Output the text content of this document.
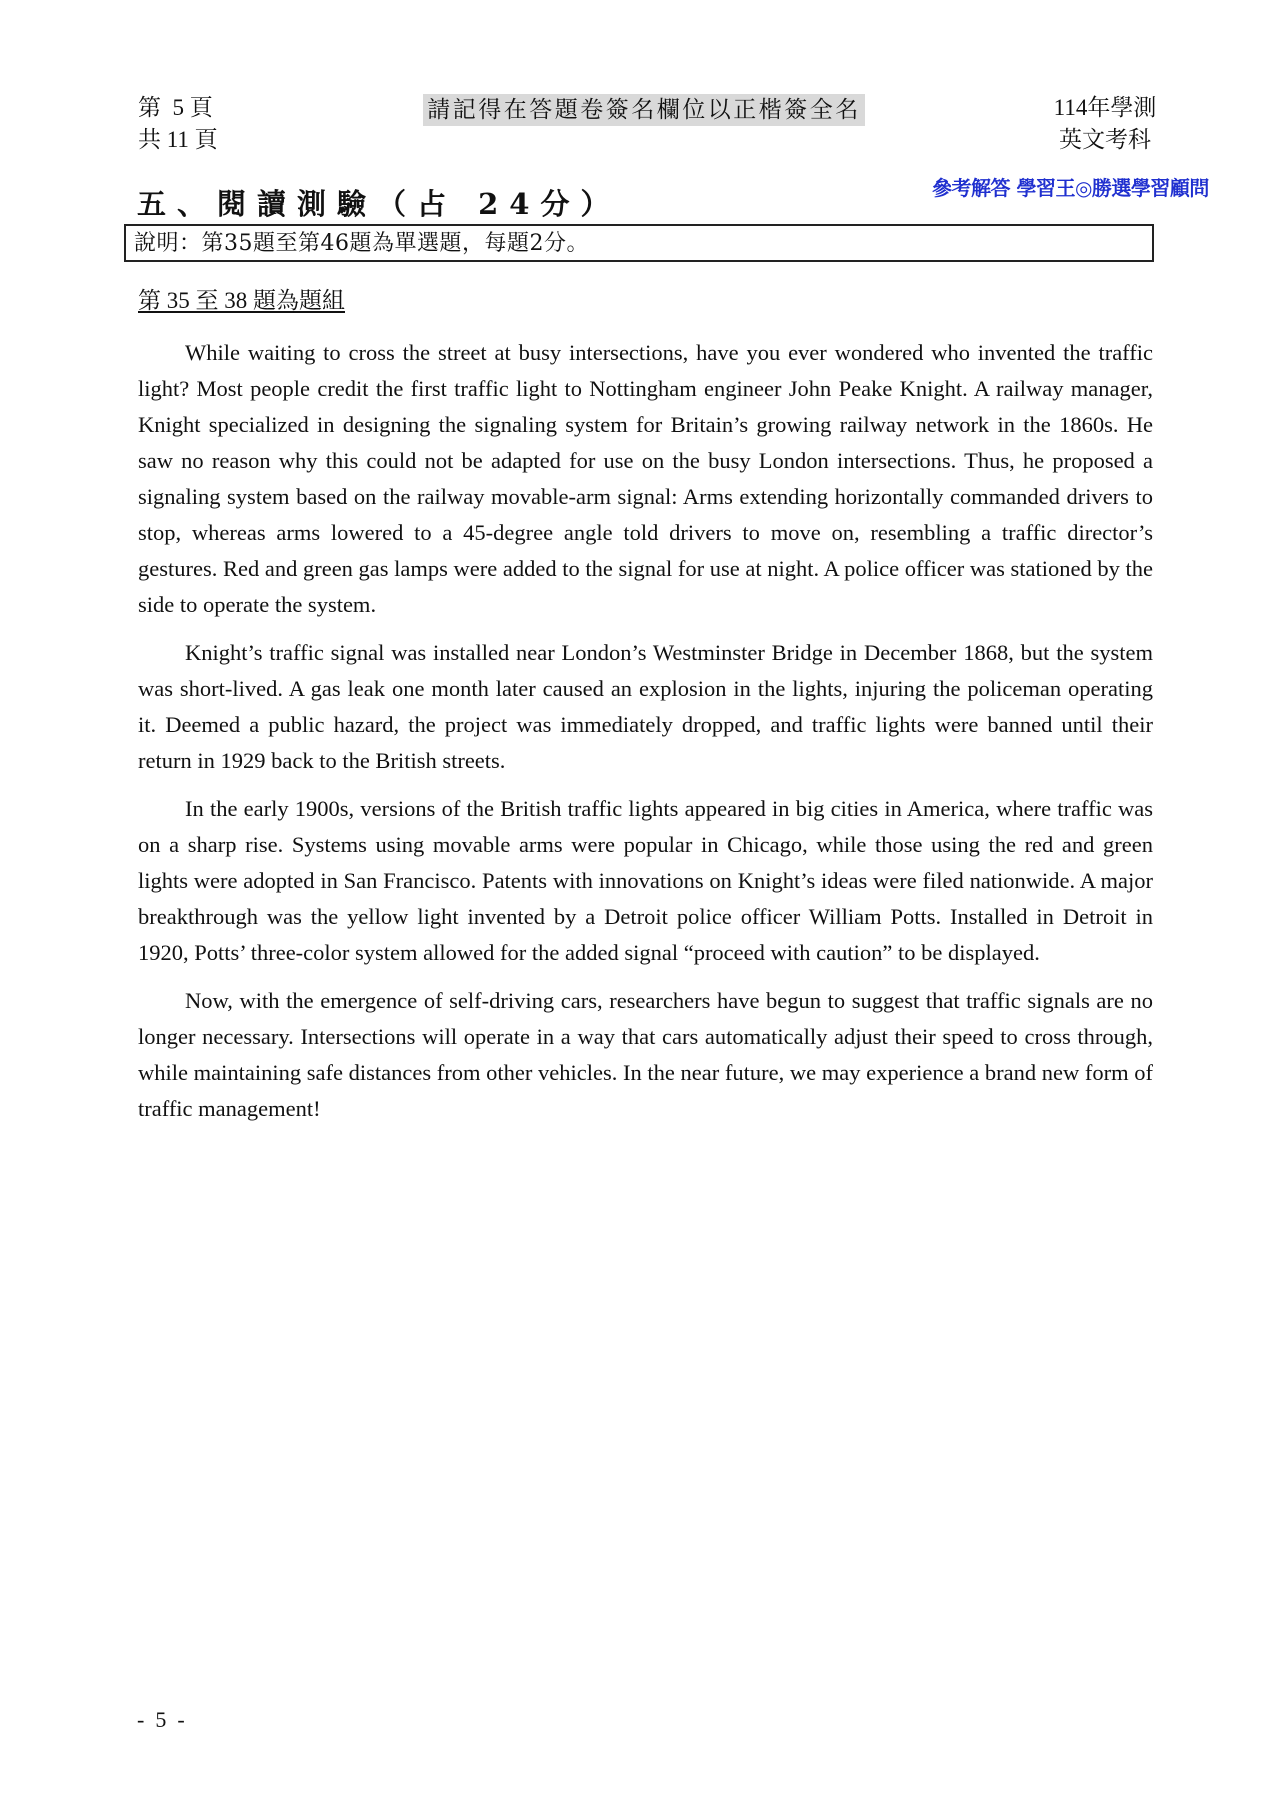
第  5 頁
共 11 頁
請記得在答題卷簽名欄位以正楷簽全名	114年學測
英文考科
參考解答 學習王◎勝選學習顧問
五、閱讀測驗（占 24分）
說明：第35題至第46題為單選題，每題2分。
第 35 至 38 題為題組

While waiting to cross the street at busy intersections, have you ever wondered who invented the traffic light? Most people credit the first traffic light to Nottingham engineer John Peake Knight. A railway manager, Knight specialized in designing the signaling system for Britain’s growing railway network in the 1860s. He saw no reason why this could not be adapted for use on the busy London intersections. Thus, he proposed a signaling system based on the railway movable-arm signal: Arms extending horizontally commanded drivers to stop, whereas arms lowered to a 45-degree angle told drivers to move on, resembling a traffic director’s gestures. Red and green gas lamps were added to the signal for use at night. A police officer was stationed by the side to operate the system.

Knight’s traffic signal was installed near London’s Westminster Bridge in December 1868, but the system was short-lived. A gas leak one month later caused an explosion in the lights, injuring the policeman operating it. Deemed a public hazard, the project was immediately dropped, and traffic lights were banned until their return in 1929 back to the British streets.

In the early 1900s, versions of the British traffic lights appeared in big cities in America, where traffic was on a sharp rise. Systems using movable arms were popular in Chicago, while those using the red and green lights were adopted in San Francisco. Patents with innovations on Knight’s ideas were filed nationwide. A major breakthrough was the yellow light invented by a Detroit police officer William Potts. Installed in Detroit in 1920, Potts’ three-color system allowed for the added signal “proceed with caution” to be displayed.

Now, with the emergence of self-driving cars, researchers have begun to suggest that traffic signals are no longer necessary. Intersections will operate in a way that cars automatically adjust their speed to cross through, while maintaining safe distances from other vehicles. In the near future, we may experience a brand new form of traffic management!

-  5  -
